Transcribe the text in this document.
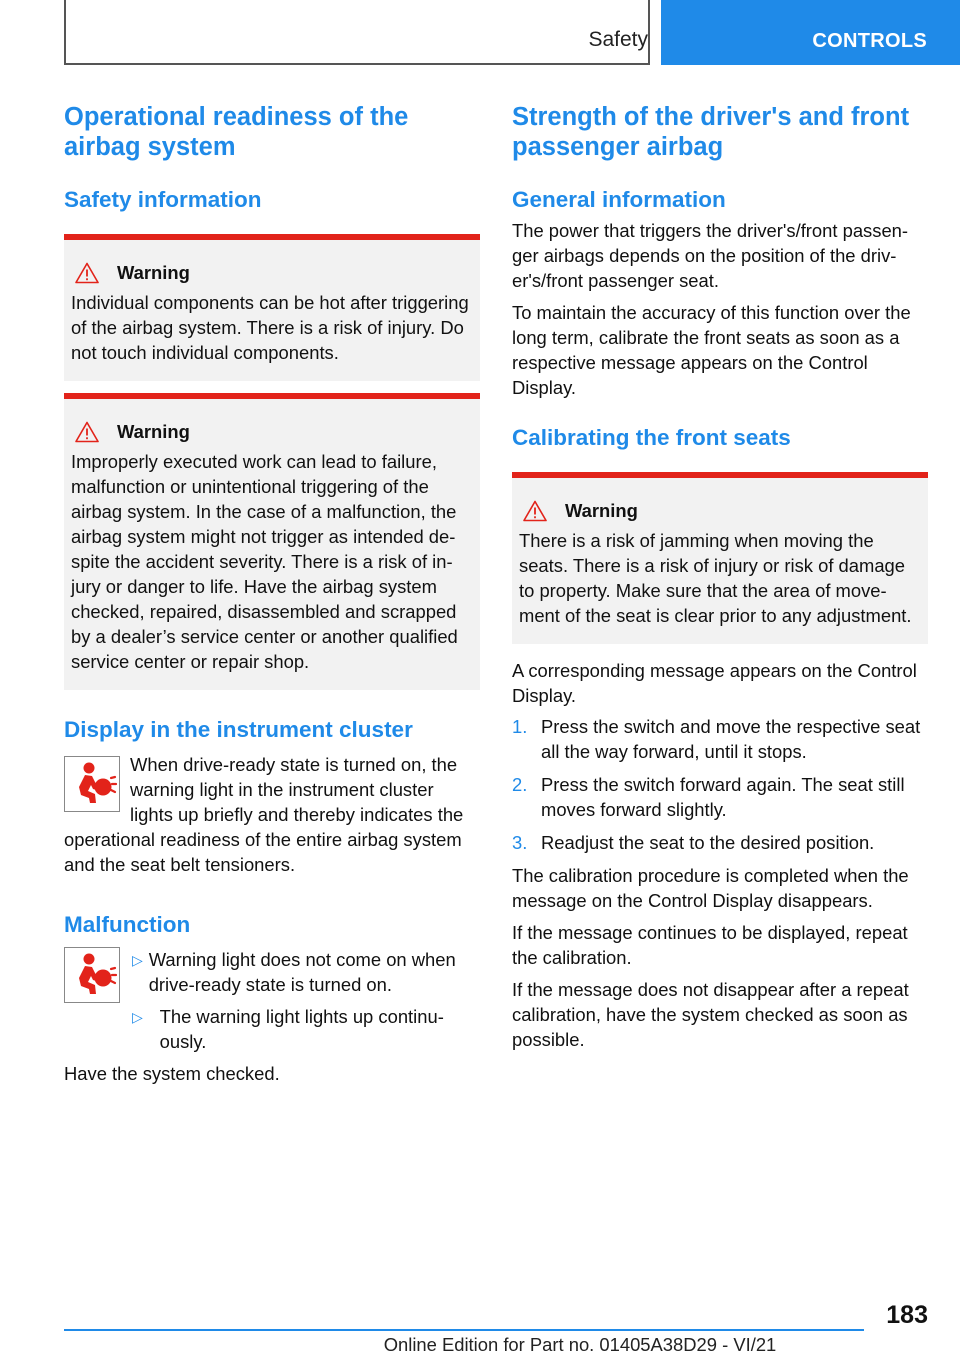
Safety	CONTROLS
Operational readiness of the airbag system
Safety information
Warning
Individual components can be hot after triggering of the airbag system. There is a risk of injury. Do not touch individual components.
Warning
Improperly executed work can lead to failure, malfunction or unintentional triggering of the airbag system. In the case of a malfunction, the airbag system might not trigger as intended despite the accident severity. There is a risk of injury or danger to life. Have the airbag system checked, repaired, disassembled and scrapped by a dealer’s service center or another qualified service center or repair shop.
Display in the instrument cluster
When drive-ready state is turned on, the warning light in the instrument cluster lights up briefly and thereby indicates the operational readiness of the entire airbag system and the seat belt tensioners.
Malfunction
▷ Warning light does not come on when drive-ready state is turned on.
▷ The warning light lights up continuously.
Have the system checked.
Strength of the driver's and front passenger airbag
General information
The power that triggers the driver's/front passenger airbags depends on the position of the driver's/front passenger seat.
To maintain the accuracy of this function over the long term, calibrate the front seats as soon as a respective message appears on the Control Display.
Calibrating the front seats
Warning
There is a risk of jamming when moving the seats. There is a risk of injury or risk of damage to property. Make sure that the area of movement of the seat is clear prior to any adjustment.
A corresponding message appears on the Control Display.
1. Press the switch and move the respective seat all the way forward, until it stops.
2. Press the switch forward again. The seat still moves forward slightly.
3. Readjust the seat to the desired position.
The calibration procedure is completed when the message on the Control Display disappears.
If the message continues to be displayed, repeat the calibration.
If the message does not disappear after a repeat calibration, have the system checked as soon as possible.
183
Online Edition for Part no. 01405A38D29 - VI/21
